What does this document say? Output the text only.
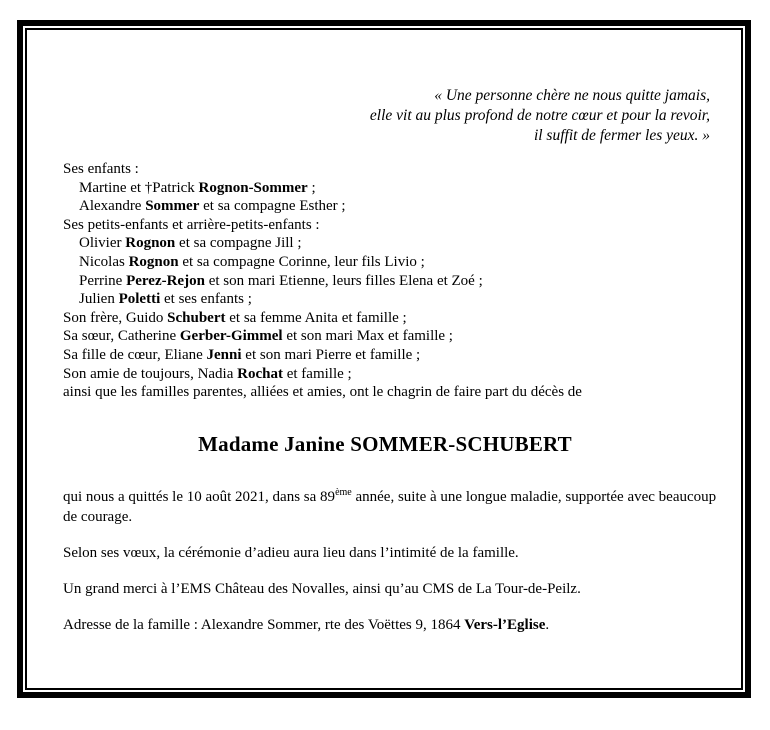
« Une personne chère ne nous quitte jamais,
elle vit au plus profond de notre cœur et pour la revoir,
il suffit de fermer les yeux. »
Ses enfants :
Martine et †Patrick Rognon-Sommer ;
Alexandre Sommer et sa compagne Esther ;
Ses petits-enfants et arrière-petits-enfants :
Olivier Rognon et sa compagne Jill ;
Nicolas Rognon et sa compagne Corinne, leur fils Livio ;
Perrine Perez-Rejon et son mari Etienne, leurs filles Elena et Zoé ;
Julien Poletti et ses enfants ;
Son frère, Guido Schubert et sa femme Anita et famille ;
Sa sœur, Catherine Gerber-Gimmel et son mari Max et famille ;
Sa fille de cœur, Eliane Jenni et son mari Pierre et famille ;
Son amie de toujours, Nadia Rochat et famille ;
ainsi que les familles parentes, alliées et amies, ont le chagrin de faire part du décès de
Madame Janine SOMMER-SCHUBERT

qui nous a quittés le 10 août 2021, dans sa 89ème année, suite à une longue maladie, supportée avec beaucoup de courage.

Selon ses vœux, la cérémonie d’adieu aura lieu dans l’intimité de la famille.

Un grand merci à l’EMS Château des Novalles, ainsi qu’au CMS de La Tour-de-Peilz.

Adresse de la famille : Alexandre Sommer, rte des Voëttes 9, 1864 Vers-l’Eglise.
